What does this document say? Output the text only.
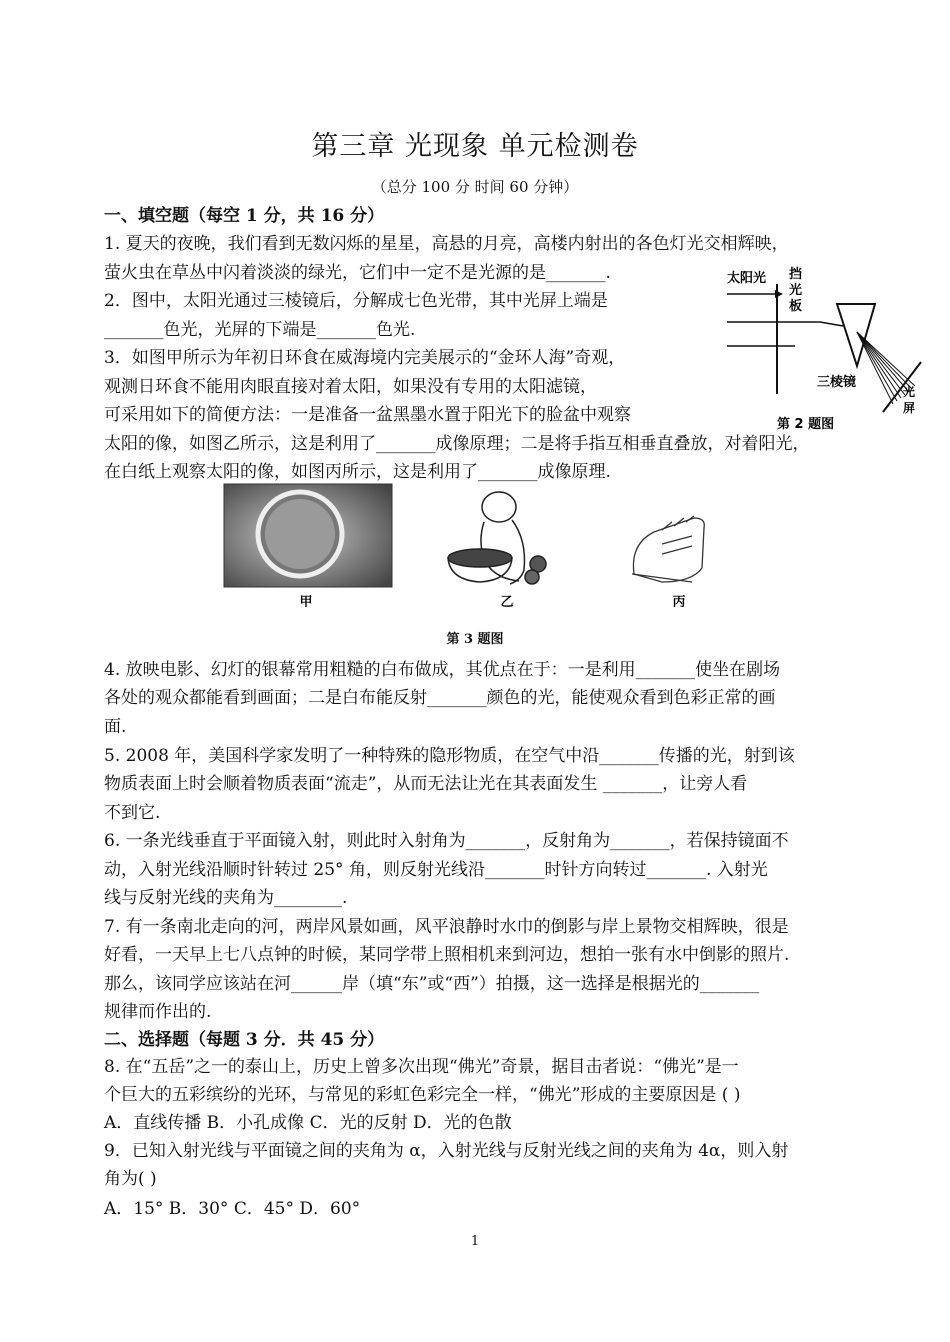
第三章 光现象 单元检测卷
（总分 100 分 时间 60 分钟）
一、填空题（每空 1 分，共 16 分）
1. 夏天的夜晚，我们看到无数闪烁的星星，高悬的月亮，高楼内射出的各色灯光交相辉映，
萤火虫在草丛中闪着淡淡的绿光，它们中一定不是光源的是_______.
2．图中，太阳光通过三棱镜后，分解成七色光带，其中光屏上端是
_______色光，光屏的下端是_______色光.
3．如图甲所示为年初日环食在威海境内完美展示的“金环人海”奇观，
观测日环食不能用肉眼直接对着太阳，如果没有专用的太阳滤镜，
可采用如下的简便方法：一是准备一盆黑墨水置于阳光下的脸盆中观察
太阳的像，如图乙所示，这是利用了_______成像原理；二是将手指互相垂直叠放，对着阳光，
在白纸上观察太阳的像，如图丙所示，这是利用了_______成像原理.
4. 放映电影、幻灯的银幕常用粗糙的白布做成，其优点在于：一是利用_______使坐在剧场
各处的观众都能看到画面；二是白布能反射_______颜色的光，能使观众看到色彩正常的画
面.
5. 2008 年，美国科学家发明了一种特殊的隐形物质，在空气中沿_______传播的光，射到该
物质表面上时会顺着物质表面“流走”，从而无法让光在其表面发生 _______，让旁人看
不到它.
6. 一条光线垂直于平面镜入射，则此时入射角为_______，反射角为_______，若保持镜面不
动，入射光线沿顺时针转过 25° 角，则反射光线沿_______时针方向转过_______. 入射光
线与反射光线的夹角为________.
7. 有一条南北走向的河，两岸风景如画，风平浪静时水巾的倒影与岸上景物交相辉映，很是
好看，一天早上七八点钟的时候，某同学带上照相机来到河边，想拍一张有水中倒影的照片.
那么，该同学应该站在河______岸（填“东”或“西”）拍摄，这一选择是根据光的_______
规律而作出的.
二、选择题（每题 3 分．共 45 分）
8. 在“五岳”之一的泰山上，历史上曾多次出现“佛光”奇景，据目击者说：“佛光”是一
个巨大的五彩缤纷的光环，与常见的彩虹色彩完全一样，“佛光”形成的主要原因是 ( )
A．直线传播 B．小孔成像 C．光的反射 D．光的色散
9．已知入射光线与平面镜之间的夹角为 α，入射光线与反射光线之间的夹角为 4α，则入射
角为( )
A．15° B．30° C．45° D．60°
太阳光 挡
光
板
三棱镜
光
屏
第 2 题图
甲	乙	丙
第 3 题图
1
